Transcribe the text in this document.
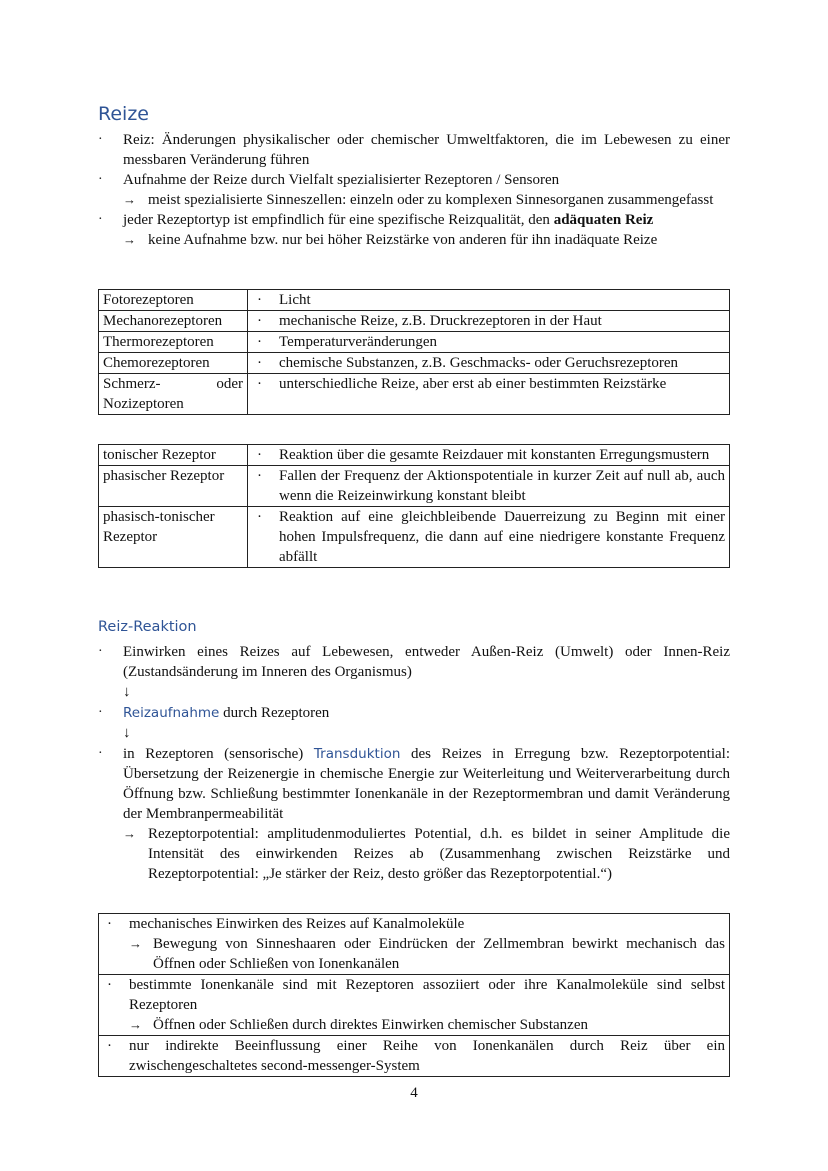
Reize
·	Reiz: Änderungen physikalischer oder chemischer Umweltfaktoren, die im Lebewesen zu einer messbaren Veränderung führen
·	Aufnahme der Reize durch Vielfalt spezialisierter Rezeptoren / Sensoren
→ meist spezialisierte Sinneszellen: einzeln oder zu komplexen Sinnesorganen zusammengefasst
·	jeder Rezeptortyp ist empfindlich für eine spezifische Reizqualität, den adäquaten Reiz
→ keine Aufnahme bzw. nur bei höher Reizstärke von anderen für ihn inadäquate Reize
Fotorezeptoren	· Licht
Mechanorezeptoren	· mechanische Reize, z.B. Druckrezeptoren in der Haut
Thermorezeptoren	· Temperaturveränderungen
Chemorezeptoren	· chemische Substanzen, z.B. Geschmacks- oder Geruchsrezeptoren
Schmerz- oder Nozizeptoren	· unterschiedliche Reize, aber erst ab einer bestimmten Reizstärke
tonischer Rezeptor	· Reaktion über die gesamte Reizdauer mit konstanten Erregungsmustern
phasischer Rezeptor	· Fallen der Frequenz der Aktionspotentiale in kurzer Zeit auf null ab, auch wenn die Reizeinwirkung konstant bleibt
phasisch-tonischer Rezeptor	· Reaktion auf eine gleichbleibende Dauerreizung zu Beginn mit einer hohen Impulsfrequenz, die dann auf eine niedrigere konstante Frequenz abfällt
Reiz-Reaktion
·	Einwirken eines Reizes auf Lebewesen, entweder Außen-Reiz (Umwelt) oder Innen-Reiz (Zustandsänderung im Inneren des Organismus)
↓
·	Reizaufnahme durch Rezeptoren
↓
·	in Rezeptoren (sensorische) Transduktion des Reizes in Erregung bzw. Rezeptorpotential: Übersetzung der Reizenergie in chemische Energie zur Weiterleitung und Weiterverarbeitung durch Öffnung bzw. Schließung bestimmter Ionenkanäle in der Rezeptormembran und damit Veränderung der Membranpermeabilität
→ Rezeptorpotential: amplitudenmoduliertes Potential, d.h. es bildet in seiner Amplitude die Intensität des einwirkenden Reizes ab (Zusammenhang zwischen Reizstärke und Rezeptorpotential: „Je stärker der Reiz, desto größer das Rezeptorpotential.“)
· mechanisches Einwirken des Reizes auf Kanalmoleküle
→ Bewegung von Sinneshaaren oder Eindrücken der Zellmembran bewirkt mechanisch das Öffnen oder Schließen von Ionenkanälen

· bestimmte Ionenkanäle sind mit Rezeptoren assoziiert oder ihre Kanalmoleküle sind selbst Rezeptoren
→ Öffnen oder Schließen durch direktes Einwirken chemischer Substanzen

· nur indirekte Beeinflussung einer Reihe von Ionenkanälen durch Reiz über ein zwischengeschaltetes second-messenger-System
4
